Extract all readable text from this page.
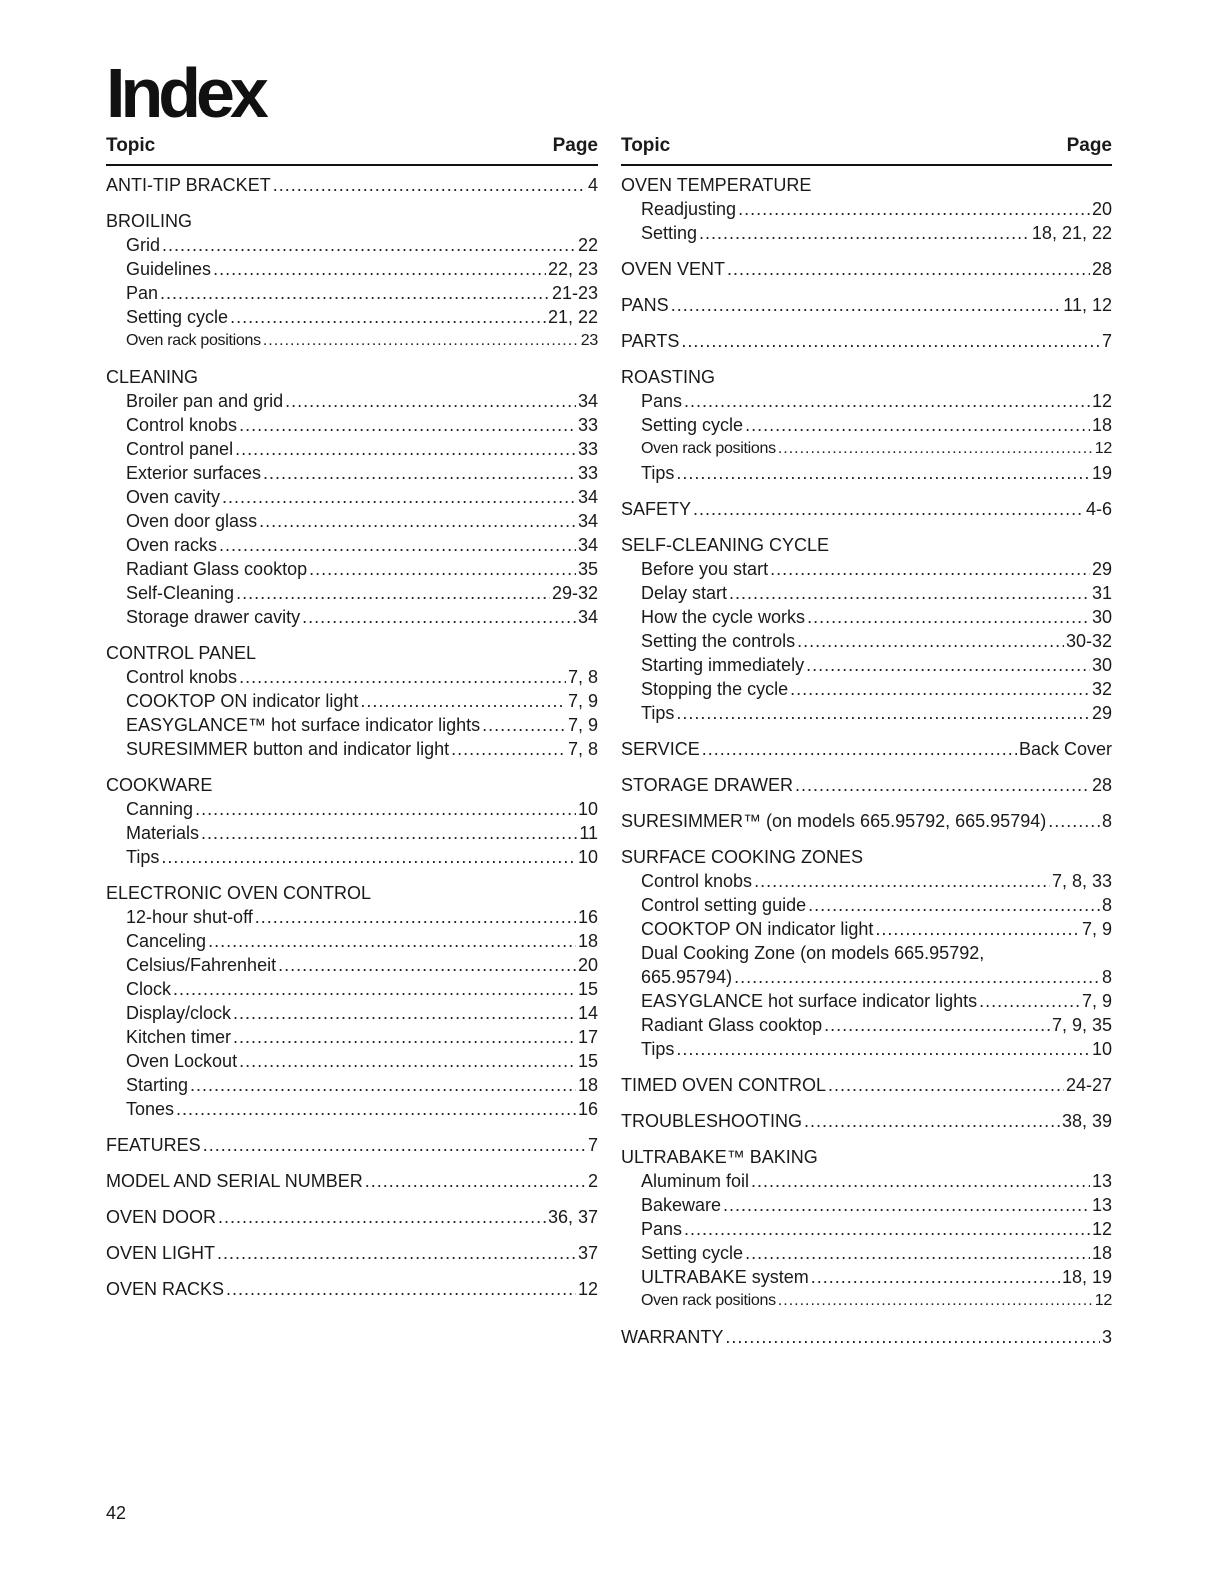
Index
Topic	Page
ANTI-TIP BRACKET .....	4
BROILING
Grid .....	22
Guidelines .....	22, 23
Pan .....	21-23
Setting cycle .....	21, 22
Oven rack positions .....	23
CLEANING
Broiler pan and grid .....	34
Control knobs .....	33
Control panel .....	33
Exterior surfaces .....	33
Oven cavity .....	34
Oven door glass .....	34
Oven racks .....	34
Radiant Glass cooktop .....	35
Self-Cleaning .....	29-32
Storage drawer cavity .....	34
CONTROL PANEL
Control knobs .....	7, 8
COOKTOP ON indicator light .....	7, 9
EASYGLANCE™ hot surface indicator lights .....	7, 9
SURESIMMER button and indicator light .....	7, 8
COOKWARE
Canning .....	10
Materials .....	11
Tips .....	10
ELECTRONIC OVEN CONTROL
12-hour shut-off .....	16
Canceling .....	18
Celsius/Fahrenheit .....	20
Clock .....	15
Display/clock .....	14
Kitchen timer .....	17
Oven Lockout .....	15
Starting .....	18
Tones .....	16
FEATURES .....	7
MODEL AND SERIAL NUMBER .....	2
OVEN DOOR .....	36, 37
OVEN LIGHT .....	37
OVEN RACKS .....	12
Topic	Page
OVEN TEMPERATURE
Readjusting .....	20
Setting .....	18, 21, 22
OVEN VENT .....	28
PANS .....	11, 12
PARTS .....	7
ROASTING
Pans .....	12
Setting cycle .....	18
Oven rack positions .....	12
Tips .....	19
SAFETY .....	4-6
SELF-CLEANING CYCLE
Before you start .....	29
Delay start .....	31
How the cycle works .....	30
Setting the controls .....	30-32
Starting immediately .....	30
Stopping the cycle .....	32
Tips .....	29
SERVICE .....	Back Cover
STORAGE DRAWER .....	28
SURESIMMER™ (on models 665.95792, 665.95794) .....	8
SURFACE COOKING ZONES
Control knobs .....	7, 8, 33
Control setting guide .....	8
COOKTOP ON indicator light .....	7, 9
Dual Cooking Zone (on models 665.95792,
665.95794) .....	8
EASYGLANCE hot surface indicator lights .....	7, 9
Radiant Glass cooktop .....	7, 9, 35
Tips .....	10
TIMED OVEN CONTROL .....	24-27
TROUBLESHOOTING .....	38, 39
ULTRABAKE™ BAKING
Aluminum foil .....	13
Bakeware .....	13
Pans .....	12
Setting cycle .....	18
ULTRABAKE system .....	18, 19
Oven rack positions .....	12
WARRANTY .....	3
42
